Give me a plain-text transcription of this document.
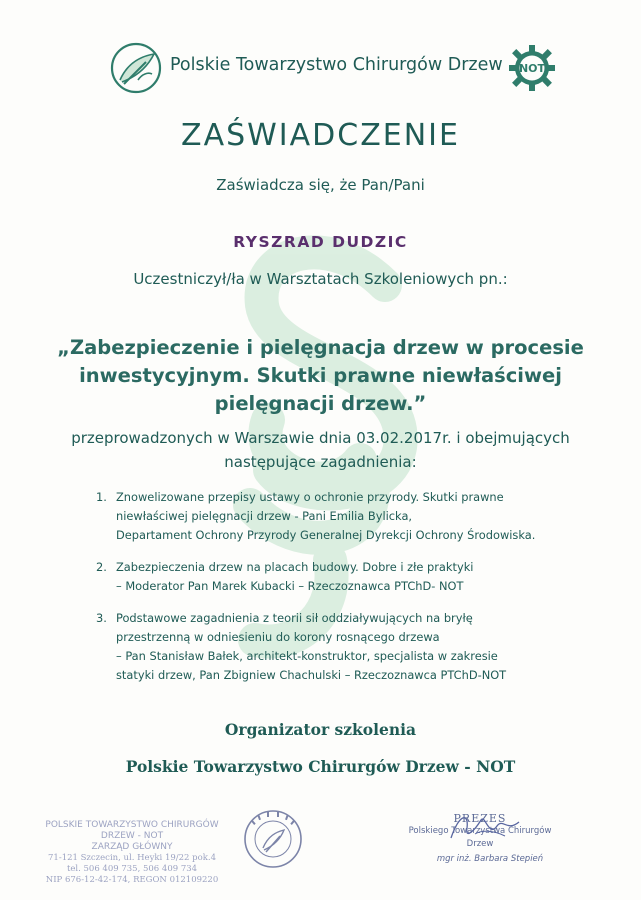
Polskie Towarzystwo Chirurgów Drzew NOT
ZAŚWIADCZENIE
Zaświadcza się, że Pan/Pani
RYSZRAD DUDZIC
Uczestniczył/ła w Warsztatach Szkoleniowych pn.:
„Zabezpieczenie i pielęgnacja drzew w procesie
inwestycyjnym. Skutki prawne niewłaściwej
pielęgnacji drzew.”
przeprowadzonych w Warszawie dnia 03.02.2017r. i obejmujących
następujące zagadnienia:
1. Znowelizowane przepisy ustawy o ochronie przyrody. Skutki prawne
niewłaściwej pielęgnacji drzew - Pani Emilia Bylicka,
Departament Ochrony Przyrody Generalnej Dyrekcji Ochrony Środowiska.
2. Zabezpieczenia drzew na placach budowy. Dobre i złe praktyki
– Moderator Pan Marek Kubacki – Rzeczoznawca PTChD- NOT
3. Podstawowe zagadnienia z teorii sił oddziaływujących na bryłę
przestrzenną w odniesieniu do korony rosnącego drzewa
– Pan Stanisław Bałek, architekt-konstruktor, specjalista w zakresie
statyki drzew, Pan Zbigniew Chachulski – Rzeczoznawca PTChD-NOT
Organizator szkolenia
Polskie Towarzystwo Chirurgów Drzew - NOT
POLSKIE TOWARZYSTWO CHIRURGÓW DRZEW - NOT
ZARZĄD GŁÓWNY
71-121 Szczecin, ul. Heyki 19/22 pok.4
tel. 506 409 735, 506 409 734
NIP 676-12-42-174, REGON 012109220
PREZES
Polskiego Towarzystwa Chirurgów Drzew
mgr inż. Barbara Stepień
